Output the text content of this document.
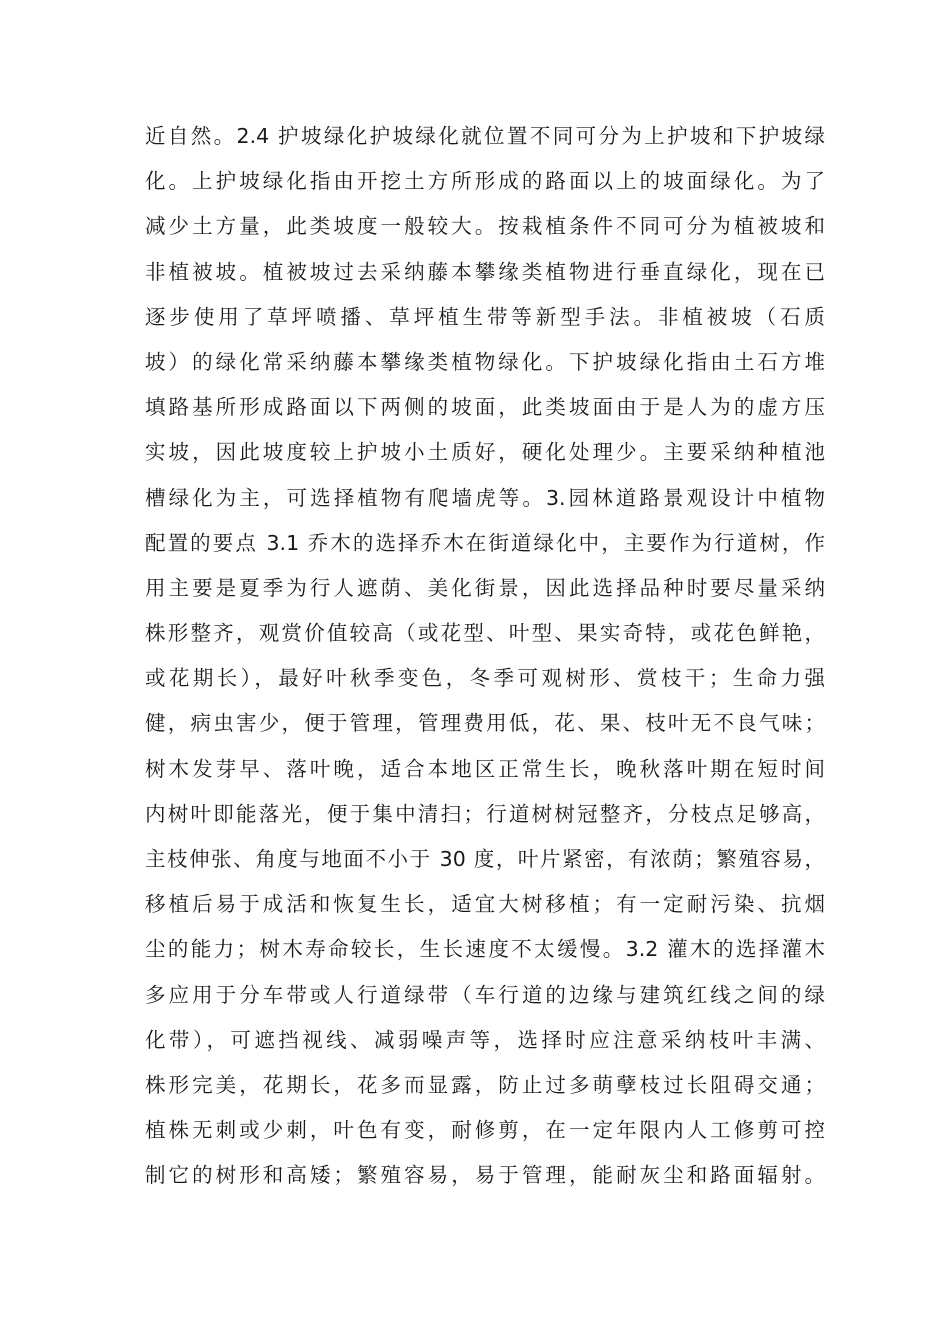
近自然。2.4 护坡绿化护坡绿化就位置不同可分为上护坡和下护坡绿
化。上护坡绿化指由开挖土方所形成的路面以上的坡面绿化。为了
减少土方量，此类坡度一般较大。按栽植条件不同可分为植被坡和
非植被坡。植被坡过去采纳藤本攀缘类植物进行垂直绿化，现在已
逐步使用了草坪喷播、草坪植生带等新型手法。非植被坡（石质
坡）的绿化常采纳藤本攀缘类植物绿化。下护坡绿化指由土石方堆
填路基所形成路面以下两侧的坡面，此类坡面由于是人为的虚方压
实坡，因此坡度较上护坡小土质好，硬化处理少。主要采纳种植池
槽绿化为主，可选择植物有爬墙虎等。3.园林道路景观设计中植物
配置的要点 3.1 乔木的选择乔木在街道绿化中，主要作为行道树，作
用主要是夏季为行人遮荫、美化街景，因此选择品种时要尽量采纳
株形整齐，观赏价值较高（或花型、叶型、果实奇特，或花色鲜艳，
或花期长），最好叶秋季变色，冬季可观树形、赏枝干；生命力强
健，病虫害少，便于管理，管理费用低，花、果、枝叶无不良气味；
树木发芽早、落叶晚，适合本地区正常生长，晚秋落叶期在短时间
内树叶即能落光，便于集中清扫；行道树树冠整齐，分枝点足够高，
主枝伸张、角度与地面不小于 30 度，叶片紧密，有浓荫；繁殖容易，
移植后易于成活和恢复生长，适宜大树移植；有一定耐污染、抗烟
尘的能力；树木寿命较长，生长速度不太缓慢。3.2 灌木的选择灌木
多应用于分车带或人行道绿带（车行道的边缘与建筑红线之间的绿
化带），可遮挡视线、减弱噪声等，选择时应注意采纳枝叶丰满、
株形完美，花期长，花多而显露，防止过多萌孽枝过长阻碍交通；
植株无刺或少刺，叶色有变，耐修剪，在一定年限内人工修剪可控
制它的树形和高矮；繁殖容易，易于管理，能耐灰尘和路面辐射。
